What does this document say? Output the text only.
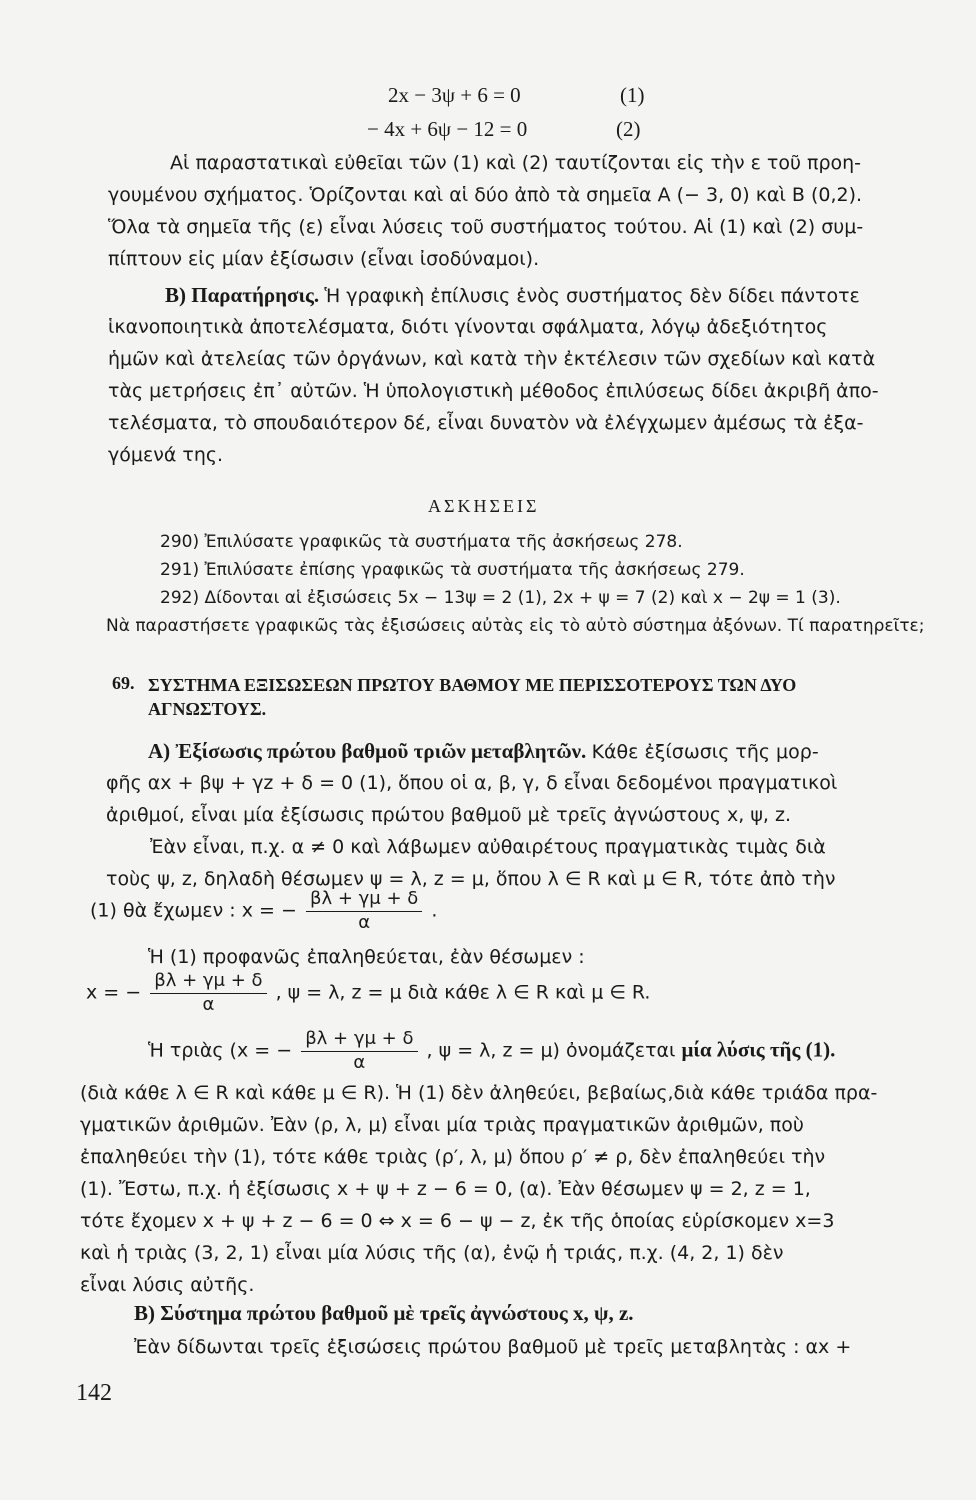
2x − 3ψ + 6 = 0	(1)
− 4x + 6ψ − 12 = 0	(2)
Αἱ παραστατικαὶ εὐθεῖαι τῶν (1) καὶ (2) ταυτίζονται εἰς τὴν ε τοῦ προη-
γουμένου σχήματος. Ὁρίζονται καὶ αἱ δύο ἀπὸ τὰ σημεῖα Α (− 3, 0) καὶ Β (0,2).
Ὅλα τὰ σημεῖα τῆς (ε) εἶναι λύσεις τοῦ συστήματος τούτου. Αἱ (1) καὶ (2) συμ-
πίπτουν εἰς μίαν ἐξίσωσιν (εἶναι ἰσοδύναμοι).
Β) Παρατήρησις. Ἡ γραφικὴ ἐπίλυσις ἑνὸς συστήματος δὲν δίδει πάντοτε
ἱκανοποιητικὰ ἀποτελέσματα, διότι γίνονται σφάλματα, λόγῳ ἀδεξιότητος
ἡμῶν καὶ ἀτελείας τῶν ὀργάνων, καὶ κατὰ τὴν ἐκτέλεσιν τῶν σχεδίων καὶ κατὰ
τὰς μετρήσεις ἐπ᾽ αὐτῶν. Ἡ ὑπολογιστικὴ μέθοδος ἐπιλύσεως δίδει ἀκριβῆ ἀπο-
τελέσματα, τὸ σπουδαιότερον δέ, εἶναι δυνατὸν νὰ ἐλέγχωμεν ἀμέσως τὰ ἐξα-
γόμενά της.
ΑΣΚΗΣΕΙΣ
290) Ἐπιλύσατε γραφικῶς τὰ συστήματα τῆς ἀσκήσεως 278.
291) Ἐπιλύσατε ἐπίσης γραφικῶς τὰ συστήματα τῆς ἀσκήσεως 279.
292) Δίδονται αἱ ἐξισώσεις 5x − 13ψ = 2 (1), 2x + ψ = 7 (2) καὶ x − 2ψ = 1 (3).
Νὰ παραστήσετε γραφικῶς τὰς ἐξισώσεις αὐτὰς εἰς τὸ αὐτὸ σύστημα ἀξόνων. Τί παρατηρεῖτε;
69. ΣΥΣΤΗΜΑ ΕΞΙΣΩΣΕΩΝ ΠΡΩΤΟΥ ΒΑΘΜΟΥ ΜΕ ΠΕΡΙΣΣΟΤΕΡΟΥΣ ΤΩΝ ΔΥΟ
ΑΓΝΩΣΤΟΥΣ.
Α) Ἐξίσωσις πρώτου βαθμοῦ τριῶν μεταβλητῶν. Κάθε ἐξίσωσις τῆς μορ-
φῆς αx + βψ + γz + δ = 0 (1), ὅπου οἱ α, β, γ, δ εἶναι δεδομένοι πραγματικοὶ
ἀριθμοί, εἶναι μία ἐξίσωσις πρώτου βαθμοῦ μὲ τρεῖς ἀγνώστους x, ψ, z.
Ἐὰν εἶναι, π.χ. α ≠ 0 καὶ λάβωμεν αὐθαιρέτους πραγματικὰς τιμὰς διὰ
τοὺς ψ, z, δηλαδὴ θέσωμεν ψ = λ, z = μ, ὅπου λ ∈ R καὶ μ ∈ R, τότε ἀπὸ τὴν
(1) θὰ ἔχωμεν : x = − $\frac{\beta\lambda + \gamma\mu + \delta}{\alpha}$ .
Ἡ (1) προφανῶς ἐπαληθεύεται, ἐὰν θέσωμεν :
x = − $\frac{\beta\lambda + \gamma\mu + \delta}{\alpha}$ , ψ = λ, z = μ διὰ κάθε λ ∈ R καὶ μ ∈ R.
Ἡ τριὰς (x = − $\frac{\beta\lambda + \gamma\mu + \delta}{\alpha}$ , ψ = λ, z = μ) ὀνομάζεται μία λύσις τῆς (1).
(διὰ κάθε λ ∈ R καὶ κάθε μ ∈ R). Ἡ (1) δὲν ἀληθεύει, βεβαίως,διὰ κάθε τριάδα πρα-
γματικῶν ἀριθμῶν. Ἐὰν (ρ, λ, μ) εἶναι μία τριὰς πραγματικῶν ἀριθμῶν, ποὺ
ἐπαληθεύει τὴν (1), τότε κάθε τριὰς (ρ′, λ, μ) ὅπου ρ′ ≠ ρ, δὲν ἐπαληθεύει τὴν
(1). Ἔστω, π.χ. ἡ ἐξίσωσις x + ψ + z − 6 = 0, (α). Ἐὰν θέσωμεν ψ = 2, z = 1,
τότε ἔχομεν x + ψ + z − 6 = 0 ⇔ x = 6 − ψ − z, ἐκ τῆς ὁποίας εὑρίσκομεν x=3
καὶ ἡ τριὰς (3, 2, 1) εἶναι μία λύσις τῆς (α), ἐνῷ ἡ τριάς, π.χ. (4, 2, 1) δὲν
εἶναι λύσις αὐτῆς.
Β) Σύστημα πρώτου βαθμοῦ μὲ τρεῖς ἀγνώστους x, ψ, z.
Ἐὰν δίδωνται τρεῖς ἐξισώσεις πρώτου βαθμοῦ μὲ τρεῖς μεταβλητὰς : αx +
142
